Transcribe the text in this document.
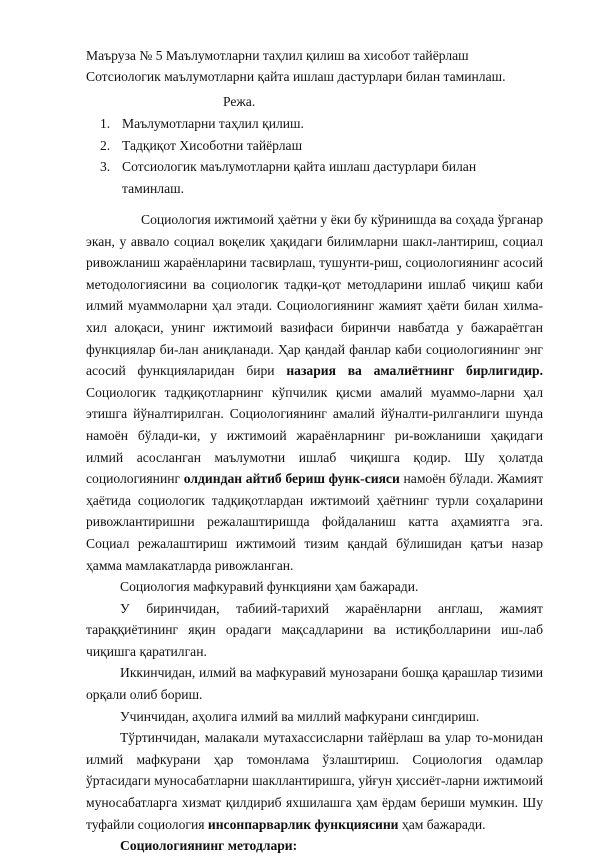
Маъруза № 5 Маълумотларни таҳлил қилиш ва хисобот тайёрлаш
Сотсиологик маълумотларни қайта ишлаш дастурлари билан таминлаш.
Режа.
1. Маълумотларни таҳлил қилиш.
2. Тадқиқот Хисоботни тайёрлаш
3. Сотсиологик маълумотларни қайта ишлаш дастурлари билан
таминлаш.

Социология ижтимоий ҳаётни у ёки бу кўринишда ва соҳада ўрганар экан, у аввало социал воқелик ҳақидаги билимларни шакл-лантириш, социал ривожланиш жараёнларини тасвирлаш, тушунти-риш, социологиянинг асосий методологиясини ва социологик тадқи-қот методларини ишлаб чиқиш каби илмий муаммоларни ҳал этади. Социологиянинг жамият ҳаёти билан хилма-хил алоқаси, унинг ижтимоий вазифаси биринчи навбатда у бажараётган функциялар би-лан аниқланади. Ҳар қандай фанлар каби социологиянинг энг асосий функцияларидан бири назария ва амалиётнинг бирлигидир. Социологик тадқиқотларнинг кўпчилик қисми амалий муаммо-ларни ҳал этишга йўналтирилган. Социологиянинг амалий йўналти-рилганлиги шунда намоён бўлади-ки, у ижтимоий жараёнларнинг ри-вожланиши ҳақидаги илмий асосланган маълумотни ишлаб чиқишга қодир. Шу ҳолатда социологиянинг олдиндан айтиб бериш функ-сияси намоён бўлади. Жамият ҳаётида социологик тадқиқотлардан ижтимоий ҳаётнинг турли соҳаларини ривожлантиришни режалаштиришда фойдаланиш катта аҳамиятга эга. Социал режалаштириш ижтимоий тизим қандай бўлишидан қатъи назар ҳамма мамлакатларда ривожланган.

Социология мафкуравий функцияни ҳам бажаради.

У биринчидан, табиий-тарихий жараёнларни англаш, жамият тараққиётининг яқин орадаги мақсадларини ва истиқболларини иш-лаб чиқишга қаратилган.

Иккинчидан, илмий ва мафкуравий мунозарани бошқа қарашлар тизими орқали олиб бориш.

Учинчидан, аҳолига илмий ва миллий мафкурани сингдириш.

Тўртинчидан, малакали мутахассисларни тайёрлаш ва улар то-монидан илмий мафкурани ҳар томонлама ўзлаштириш. Социология одамлар ўртасидаги муносабатларни шакллантиришга, уйғун ҳиссиёт-ларни ижтимоий муносабатларга хизмат қилдириб яхшилашга ҳам ёрдам бериши мумкин. Шу туфайли социология инсонпарварлик функциясини ҳам бажаради.

Социологиянинг методлари:
